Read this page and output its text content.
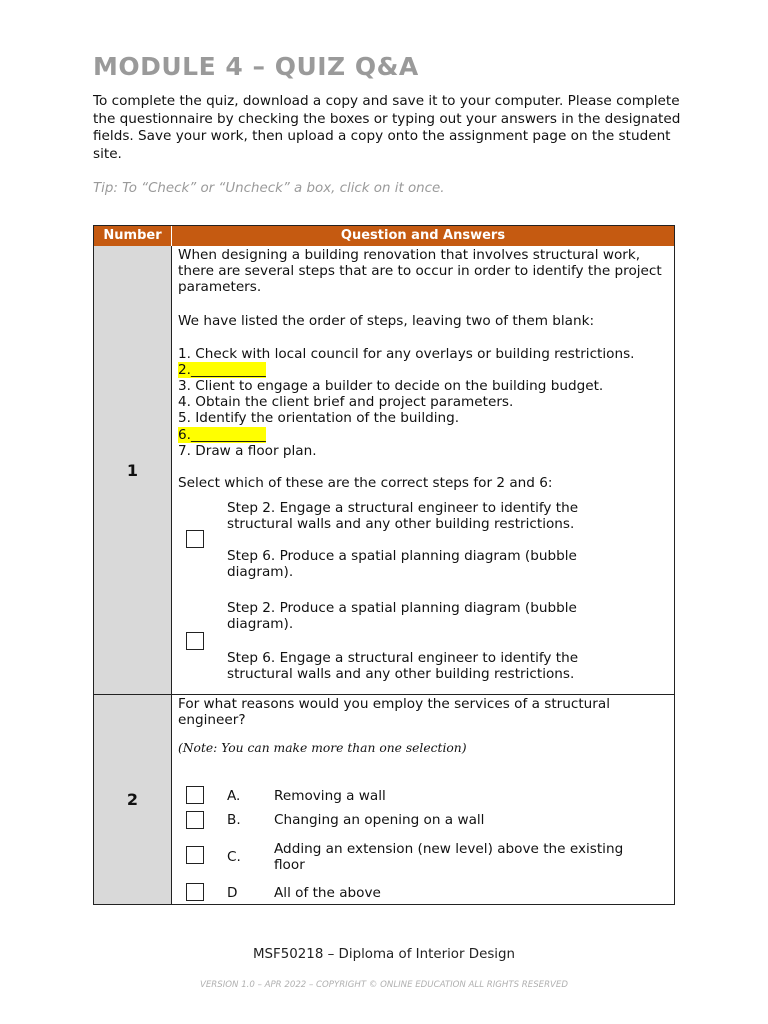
MODULE 4 – QUIZ Q&A

To complete the quiz, download a copy and save it to your computer. Please complete the questionnaire by checking the boxes or typing out your answers in the designated fields. Save your work, then upload a copy onto the assignment page on the student site.

Tip: To “Check” or “Uncheck” a box, click on it once.

Number	Question and Answers
1

When designing a building renovation that involves structural work, there are several steps that are to occur in order to identify the project parameters.

We have listed the order of steps, leaving two of them blank:

1. Check with local council for any overlays or building restrictions.

2.___________

3. Client to engage a builder to decide on the building budget.

4. Obtain the client brief and project parameters.

5. Identify the orientation of the building.

6.___________

7. Draw a floor plan.

Select which of these are the correct steps for 2 and 6:

Step 2. Engage a structural engineer to identify the structural walls and any other building restrictions.

Step 6. Produce a spatial planning diagram (bubble diagram).

Step 2. Produce a spatial planning diagram (bubble diagram).

Step 6. Engage a structural engineer to identify the structural walls and any other building restrictions.

2

For what reasons would you employ the services of a structural engineer?

(Note: You can make more than one selection)

A. Removing a wall

B. Changing an opening on a wall

C. Adding an extension (new level) above the existing floor

D	All of the above

MSF50218 – Diploma of Interior Design

VERSION 1.0 – APR 2022 – COPYRIGHT © ONLINE EDUCATION ALL RIGHTS RESERVED
